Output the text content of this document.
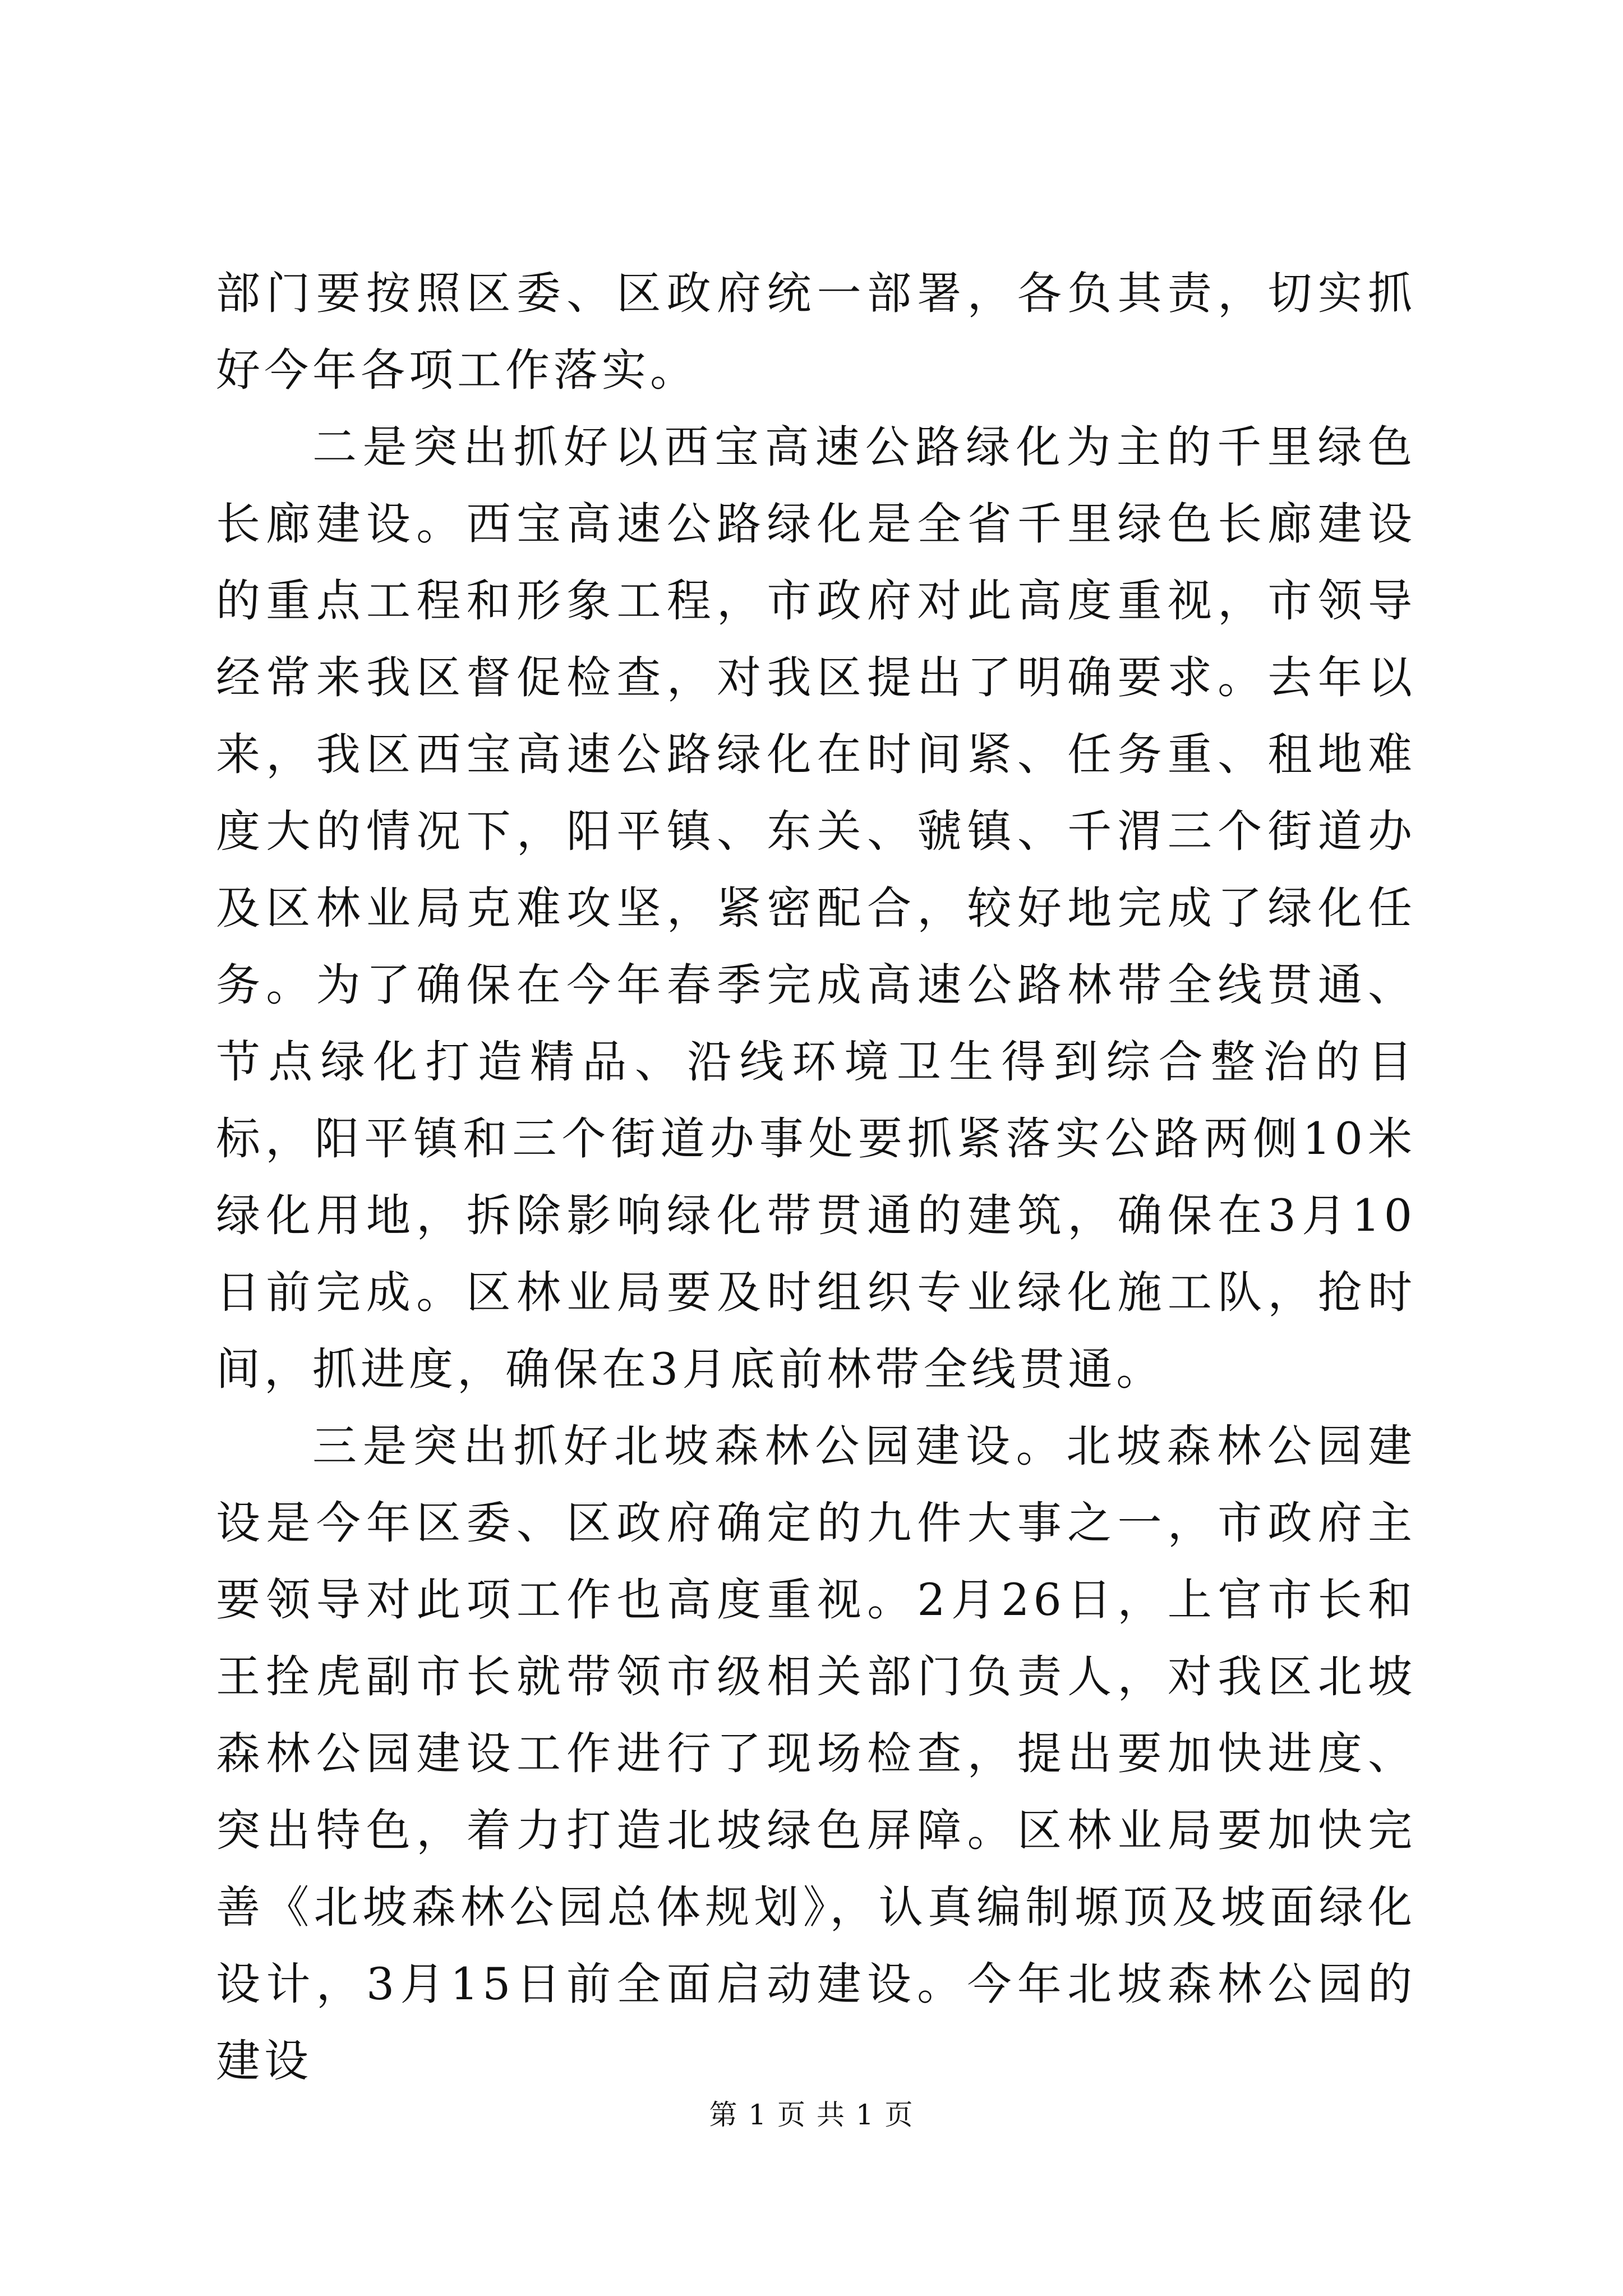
部门要按照区委、区政府统一部署，各负其责，切实抓好今年各项工作落实。

二是突出抓好以西宝高速公路绿化为主的千里绿色长廊建设。西宝高速公路绿化是全省千里绿色长廊建设的重点工程和形象工程，市政府对此高度重视，市领导经常来我区督促检查，对我区提出了明确要求。去年以来，我区西宝高速公路绿化在时间紧、任务重、租地难度大的情况下，阳平镇、东关、虢镇、千渭三个街道办及区林业局克难攻坚，紧密配合，较好地完成了绿化任务。为了确保在今年春季完成高速公路林带全线贯通、节点绿化打造精品、沿线环境卫生得到综合整治的目标，阳平镇和三个街道办事处要抓紧落实公路两侧10米绿化用地，拆除影响绿化带贯通的建筑，确保在3月10日前完成。区林业局要及时组织专业绿化施工队，抢时间，抓进度，确保在3月底前林带全线贯通。

三是突出抓好北坡森林公园建设。北坡森林公园建设是今年区委、区政府确定的九件大事之一，市政府主要领导对此项工作也高度重视。2月26日，上官市长和王拴虎副市长就带领市级相关部门负责人，对我区北坡森林公园建设工作进行了现场检查，提出要加快进度、突出特色，着力打造北坡绿色屏障。区林业局要加快完善《北坡森林公园总体规划》，认真编制塬顶及坡面绿化设计，3月15日前全面启动建设。今年北坡森林公园的建设

第 1 页 共 1 页
